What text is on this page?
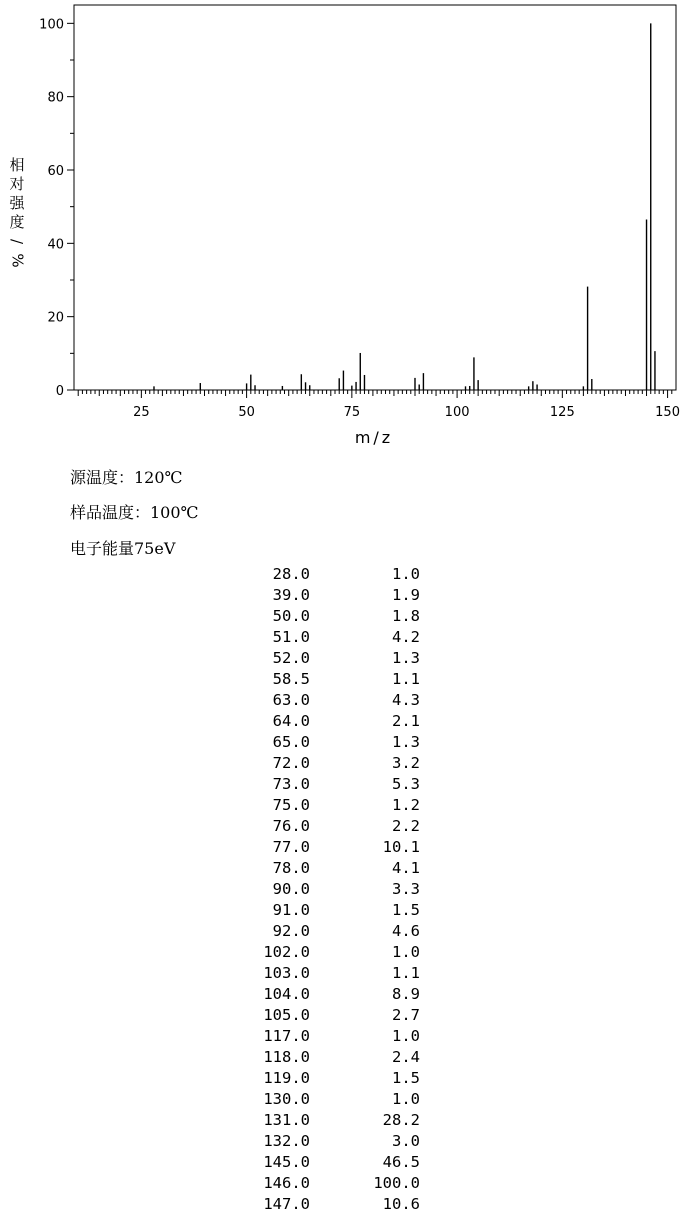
0
20
40
60
80
100
25	50	75	100	125	150
m/z
相
对
强
度
/ %
源温度：120℃
样品温度：100℃
电子能量75eV
28.0	1.0
39.0	1.9
50.0	1.8
51.0	4.2
52.0	1.3
58.5	1.1
63.0	4.3
64.0	2.1
65.0	1.3
72.0	3.2
73.0	5.3
75.0	1.2
76.0	2.2
77.0	10.1
78.0	4.1
90.0	3.3
91.0	1.5
92.0	4.6
102.0	1.0
103.0	1.1
104.0	8.9
105.0	2.7
117.0	1.0
118.0	2.4
119.0	1.5
130.0	1.0
131.0	28.2
132.0	3.0
145.0	46.5
146.0	100.0
147.0	10.6
